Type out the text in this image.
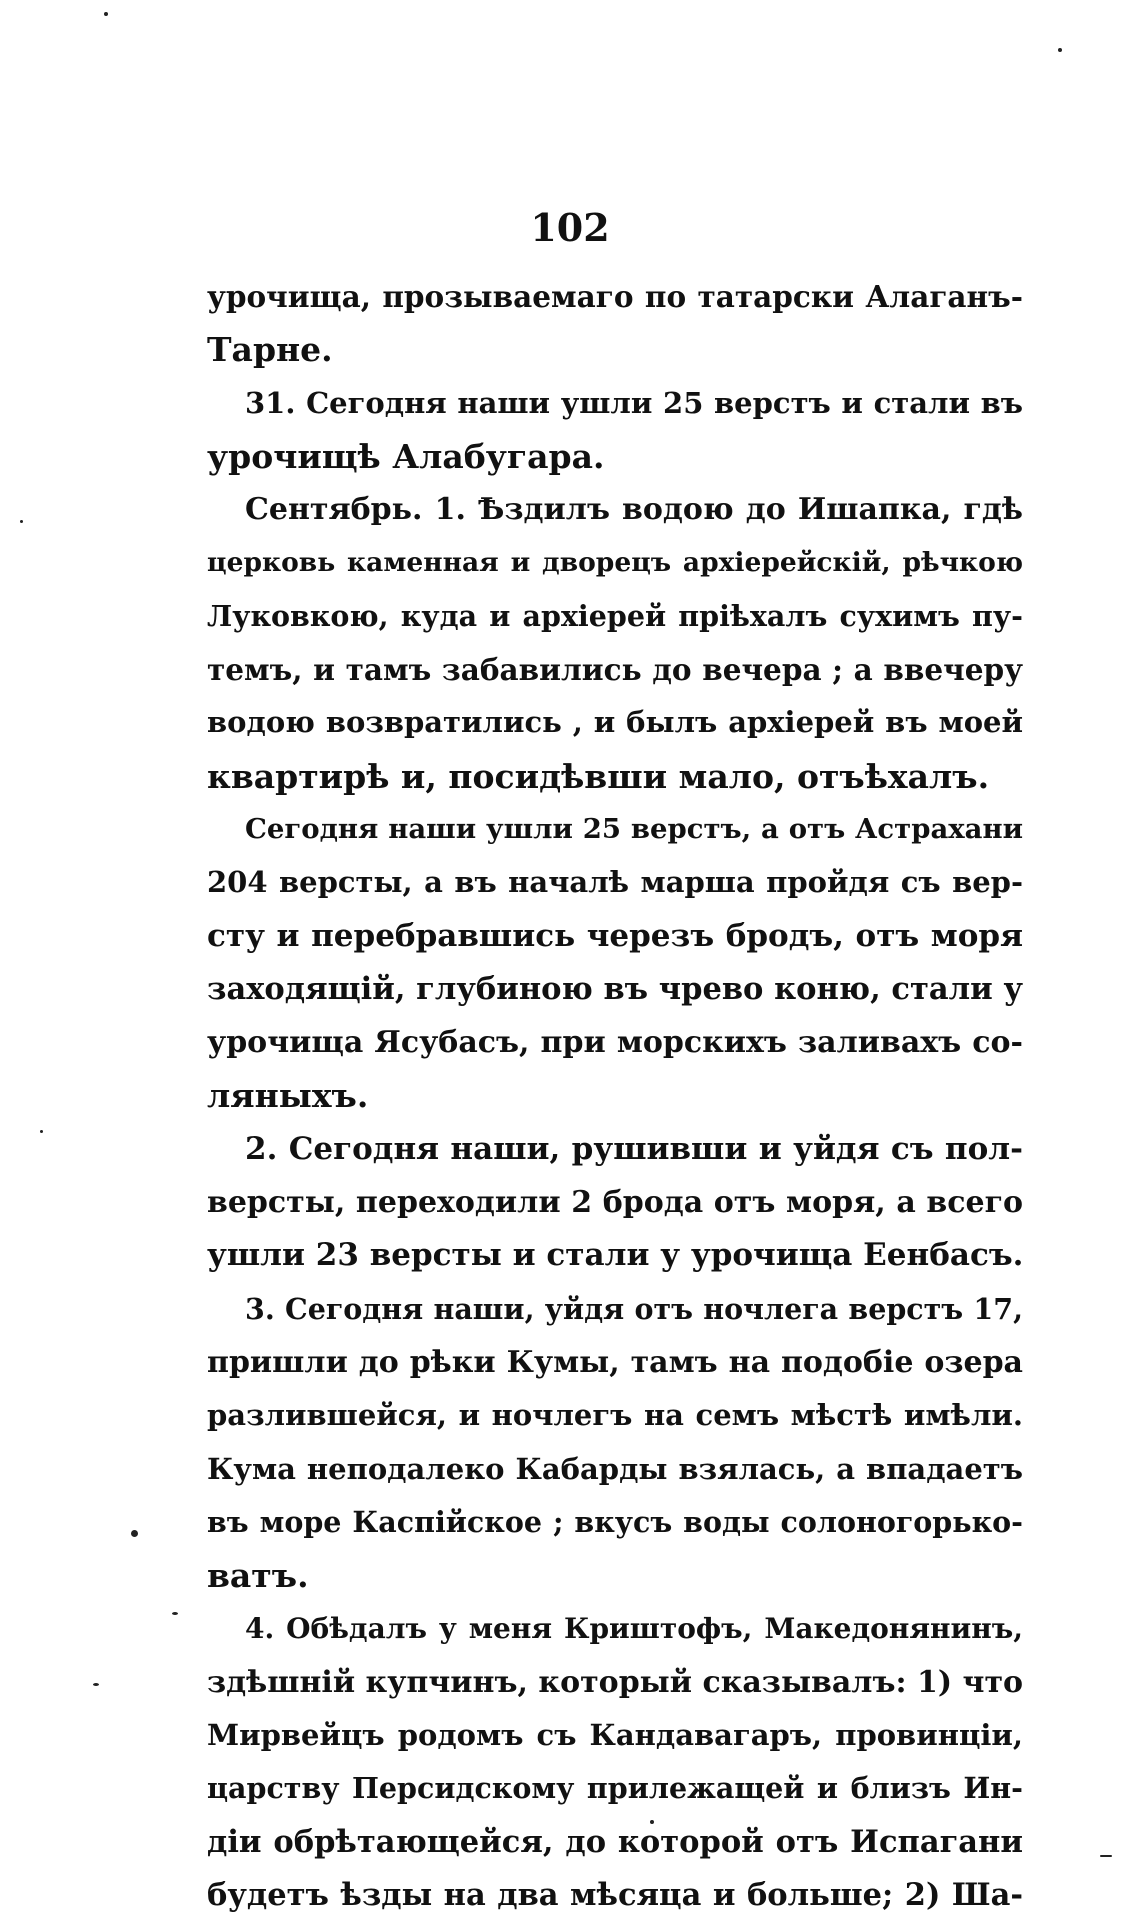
102
урочища, прозываемаго по татарски Алаганъ-
Тарне.
31. Сегодня наши ушли 25 верстъ и стали въ
урочищѣ Алабугара.
Сентябрь. 1. Ѣздилъ водою до Ишапка, гдѣ
церковь каменная и дворецъ архіерейскій, рѣчкою
Луковкою, куда и архіерей пріѣхалъ сухимъ пу-
темъ, и тамъ забавились до вечера ; а ввечеру
водою возвратились , и былъ архіерей въ моей
квартирѣ и, посидѣвши мало, отъѣхалъ.
Сегодня наши ушли 25 верстъ, а отъ Астрахани
204 версты, а въ началѣ марша пройдя съ вер-
сту и перебравшись черезъ бродъ, отъ моря
заходящій, глубиною въ чрево коню, стали у
урочища Ясубасъ, при морскихъ заливахъ со-
ляныхъ.
2. Сегодня наши, рушивши и уйдя съ пол-
версты, переходили 2 брода отъ моря, а всего
ушли 23 версты и стали у урочища Еенбасъ.
3. Сегодня наши, уйдя отъ ночлега верстъ 17,
пришли до рѣки Кумы, тамъ на подобіе озера
разлившейся, и ночлегъ на семъ мѣстѣ имѣли.
Кума неподалеко Кабарды взялась, а впадаетъ
въ море Каспійское ; вкусъ воды солоногорько-
ватъ.
4. Обѣдалъ у меня Криштофъ, Македонянинъ,
здѣшній купчинъ, который сказывалъ: 1) что
Мирвейцъ родомъ съ Кандавагаръ, провинціи,
царству Персидскому прилежащей и близъ Ин-
діи обрѣтающейся, до которой отъ Испагани
будетъ ѣзды на два мѣсяца и больше; 2) Ша-
